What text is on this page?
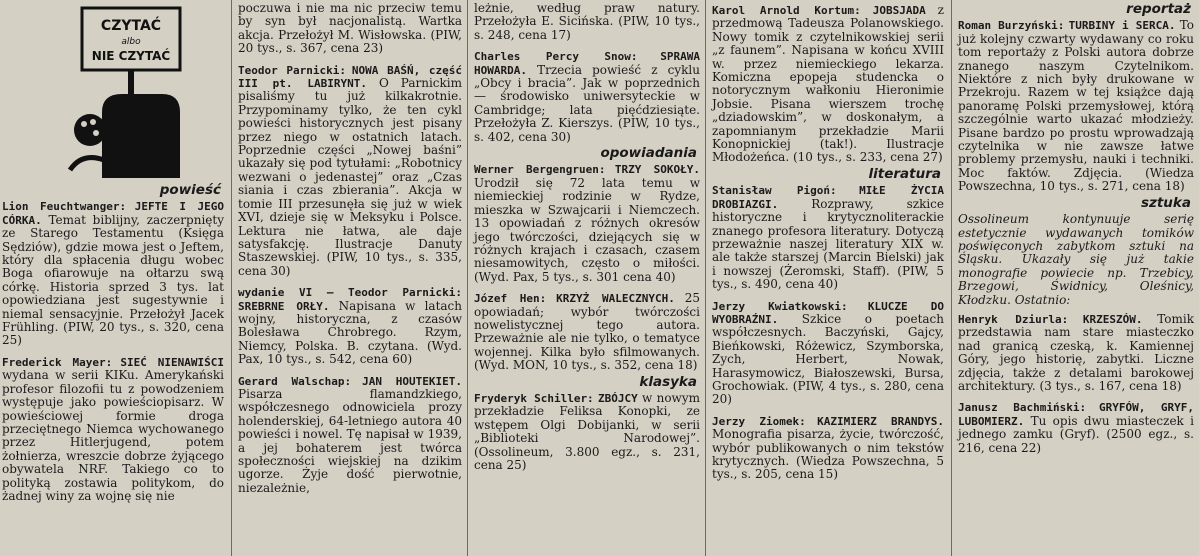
CZYTAĆ
albo
NIE CZYTAĆ
powieść
Lion Feuchtwanger: JEFTE I JEGO CÓRKA. Temat biblijny, zaczerpnięty ze Starego Testamentu (Księga Sędziów), gdzie mowa jest o Jeftem, który dla spłacenia długu wobec Boga ofiarowuje na ołtarzu swą córkę. Historia sprzed 3 tys. lat opowiedziana jest sugestywnie i niemal sensacyjnie. Przełożył Jacek Frühling. (PIW, 20 tys., s. 320, cena 25)
Frederick Mayer: SIEĆ NIENAWIŚCI wydana w serii KIKu. Amerykański profesor filozofii tu z powodzeniem występuje jako powieściopisarz. W powieściowej formie droga przeciętnego Niemca wychowanego przez Hitlerjugend, potem żołnierza, wreszcie dobrze żyjącego obywatela NRF. Takiego co to polityką zostawia politykom, do żadnej winy za wojnę się nie
poczuwa i nie ma nic przeciw temu by syn był nacjonalistą. Wartka akcja. Przełożył M. Wisłowska. (PIW, 20 tys., s. 367, cena 23)
Teodor Parnicki: NOWA BAŚŃ, część III pt. LABIRYNT. O Parnickim pisaliśmy tu już kilkakrotnie. Przypominamy tylko, że ten cykl powieści historycznych jest pisany przez niego w ostatnich latach. Poprzednie części „Nowej baśni” ukazały się pod tytułami: „Robotnicy wezwani o jedenastej” oraz „Czas siania i czas zbierania”. Akcja w tomie III przesunęła się już w wiek XVI, dzieje się w Meksyku i Polsce. Lektura nie łatwa, ale daje satysfakcję. Ilustracje Danuty Staszewskiej. (PIW, 10 tys., s. 335, cena 30)
wydanie VI — Teodor Parnicki: SREBRNE ORŁY. Napisana w latach wojny, historyczna, z czasów Bolesława Chrobrego. Rzym, Niemcy, Polska. B. czytana. (Wyd. Pax, 10 tys., s. 542, cena 60)
Gerard Walschap: JAN HOUTEKIET. Pisarza flamandzkiego, współczesnego odnowiciela prozy holenderskiej, 64-letniego autora 40 powieści i nowel. Tę napisał w 1939, a jej bohaterem jest twórca społeczności wiejskiej na dzikim ugorze. Żyje dość pierwotnie, niezależnie,
leżnie, według praw natury. Przełożyła E. Sicińska. (PIW, 10 tys., s. 248, cena 17)
Charles Percy Snow: SPRAWA HOWARDA. Trzecia powieść z cyklu „Obcy i bracia”. Jak w poprzednich — środowisko uniwersyteckie w Cambridge; lata pięćdziesiąte. Przełożyła Z. Kierszys. (PIW, 10 tys., s. 402, cena 30)
opowiadania
Werner Bergengruen: TRZY SOKOŁY. Urodził się 72 lata temu w niemieckiej rodzinie w Rydze, mieszka w Szwajcarii i Niemczech. 13 opowiadań z różnych okresów jego twórczości, dziejących się w różnych krajach i czasach, czasem niesamowitych, często o miłości. (Wyd. Pax, 5 tys., s. 301 cena 40)
Józef Hen: KRZYŻ WALECZNYCH. 25 opowiadań; wybór twórczości nowelistycznej tego autora. Przeważnie ale nie tylko, o tematyce wojennej. Kilka było sfilmowanych. (Wyd. MON, 10 tys., s. 352, cena 18)
klasyka
Fryderyk Schiller: ZBÓJCY w nowym przekładzie Feliksa Konopki, ze wstępem Olgi Dobijanki, w serii „Biblioteki Narodowej”. (Ossolineum, 3.800 egz., s. 231, cena 25)
Karol Arnold Kortum: JOBSJADA z przedmową Tadeusza Polanowskiego. Nowy tomik z czytelnikowskiej serii „z faunem”. Napisana w końcu XVIII w. przez niemieckiego lekarza. Komiczna epopeja studencka o notorycznym wałkoniu Hieronimie Jobsie. Pisana wierszem trochę „dziadowskim”, w doskonałym, a zapomnianym przekładzie Marii Konopnickiej (tak!). Ilustracje Młodożeńca. (10 tys., s. 233, cena 27)
literatura
Stanisław Pigoń: MIŁE ŻYCIA DROBIAZGI.	Rozprawy, szkice historyczne i krytycznoliterackie znanego profesora literatury. Dotyczą przeważnie naszej literatury XIX w. ale także starszej (Marcin Bielski) jak i nowszej (Żeromski, Staff). (PIW, 5 tys., s. 490, cena 40)
Jerzy Kwiatkowski: KLUCZE DO WYOBRAŹNI. Szkice o poetach współczesnych. Baczyński, Gajcy, Bieńkowski, Różewicz, Szymborska, Zych, Herbert, Nowak, Harasymowicz, Białoszewski, Bursa, Grochowiak. (PIW, 4 tys., s. 280, cena 20)
Jerzy Ziomek: KAZIMIERZ BRANDYS. Monografia pisarza, życie, twórczość, wybór publikowanych o nim tekstów krytycznych. (Wiedza Powszechna, 5 tys., s. 205, cena 15)
reportaż
Roman Burzyński: TURBINY i SERCA. To już kolejny czwarty wydawany co roku tom reportaży z Polski autora dobrze znanego naszym Czytelnikom. Niektóre z nich były drukowane w Przekroju. Razem w tej książce dają panoramę Polski przemysłowej, którą szczególnie warto ukazać młodzieży. Pisane bardzo po prostu wprowadzają czytelnika w nie zawsze łatwe problemy przemysłu, nauki i techniki. Moc faktów. Zdjęcia. (Wiedza Powszechna, 10 tys., s. 271, cena 18)
sztuka
Ossolineum kontynuuje serię estetycznie wydawanych tomików poświęconych zabytkom sztuki na Śląsku. Ukazały się już takie monografie powiecie np. Trzebicy, Brzegowi, Świdnicy, Oleśnicy, Kłodzku. Ostatnio:
Henryk Dziurla: KRZESZÓW. Tomik przedstawia nam stare miasteczko nad granicą czeską, k. Kamiennej Góry, jego historię, zabytki. Liczne zdjęcia, także z detalami barokowej architektury. (3 tys., s. 167, cena 18)
Janusz Bachmiński: GRYFÓW, GRYF, LUBOMIERZ. Tu opis dwu miasteczek i jednego zamku (Gryf). (2500 egz., s. 216, cena 22)
